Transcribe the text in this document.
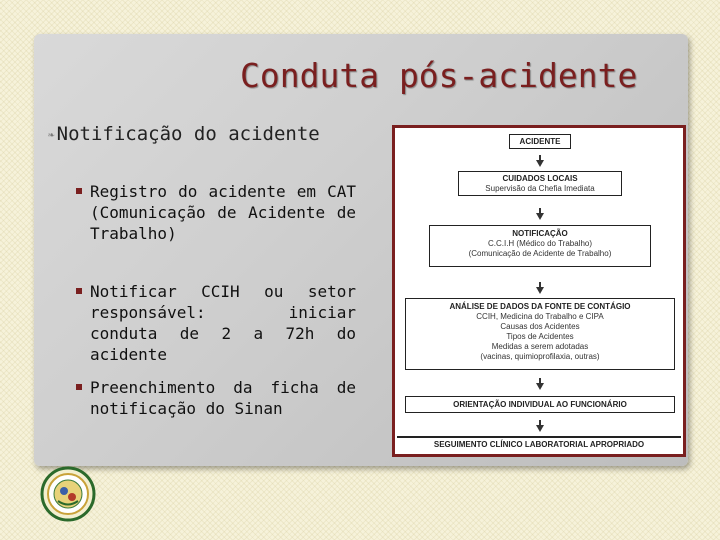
Conduta pós-acidente
❧ Notificação do acidente
Registro do acidente em CAT (Comunicação de Acidente de Trabalho)
Notificar CCIH ou setor responsável: iniciar conduta de 2 a 72h do acidente
Preenchimento da ficha de notificação do Sinan
ACIDENTE
CUIDADOS LOCAIS
Supervisão da Chefia Imediata
NOTIFICAÇÃO
C.C.I.H (Médico do Trabalho)
(Comunicação de Acidente de Trabalho)
ANÁLISE DE DADOS DA FONTE DE CONTÁGIO
CCIH, Medicina do Trabalho e CIPA
Causas dos Acidentes
Tipos de Acidentes
Medidas a serem adotadas
(vacinas, quimioprofilaxia, outras)
ORIENTAÇÃO INDIVIDUAL AO FUNCIONÁRIO
SEGUIMENTO CLÍNICO LABORATORIAL APROPRIADO
